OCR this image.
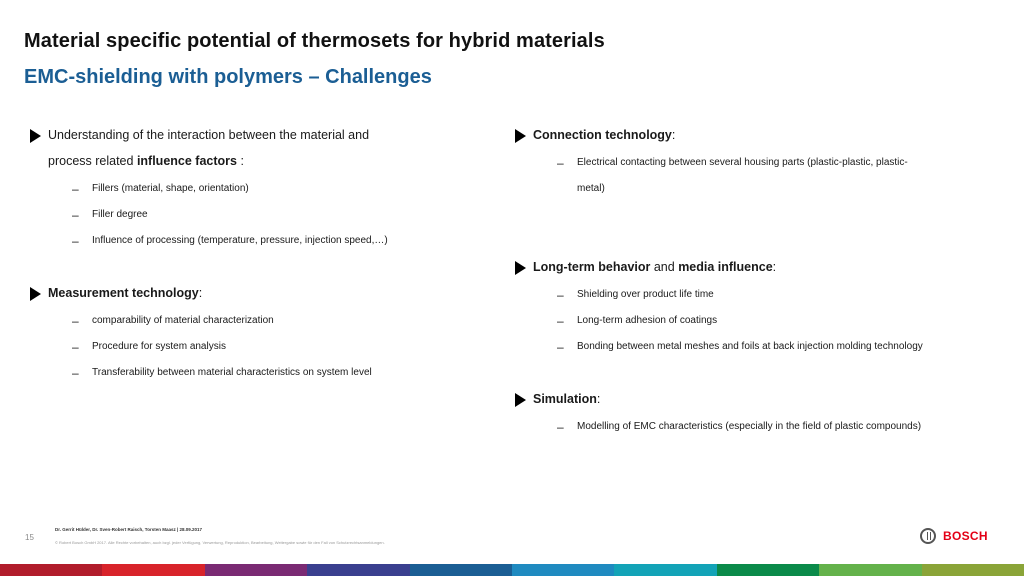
Material specific potential of thermosets for hybrid materials
EMC-shielding with polymers – Challenges
Understanding of the interaction between the material and
process related influence factors :
– Fillers (material, shape, orientation)
– Filler degree
– Influence of processing (temperature, pressure, injection speed,…)
Measurement technology:
– comparability of material characterization
– Procedure for system analysis
– Transferability between material characteristics on system level
Connection technology:
– Electrical contacting between several housing parts (plastic-plastic, plastic-
metal)
Long-term behavior and media influence:
– Shielding over product life time
– Long-term adhesion of coatings
– Bonding between metal meshes and foils at back injection molding technology
Simulation:
– Modelling of EMC characteristics (especially in the field of plastic compounds)
15
Dr. Gerrit Hülder, Dr. Sven-Robert Raisch, Torsten Maasz | 28.09.2017
© Robert Bosch GmbH 2017. Alle Rechte vorbehalten, auch bzgl. jeder Verfügung, Verwertung, Reproduktion, Bearbeitung, Weitergabe sowie für den Fall von Schutzrechtsanmeldungen.	BOSCH
